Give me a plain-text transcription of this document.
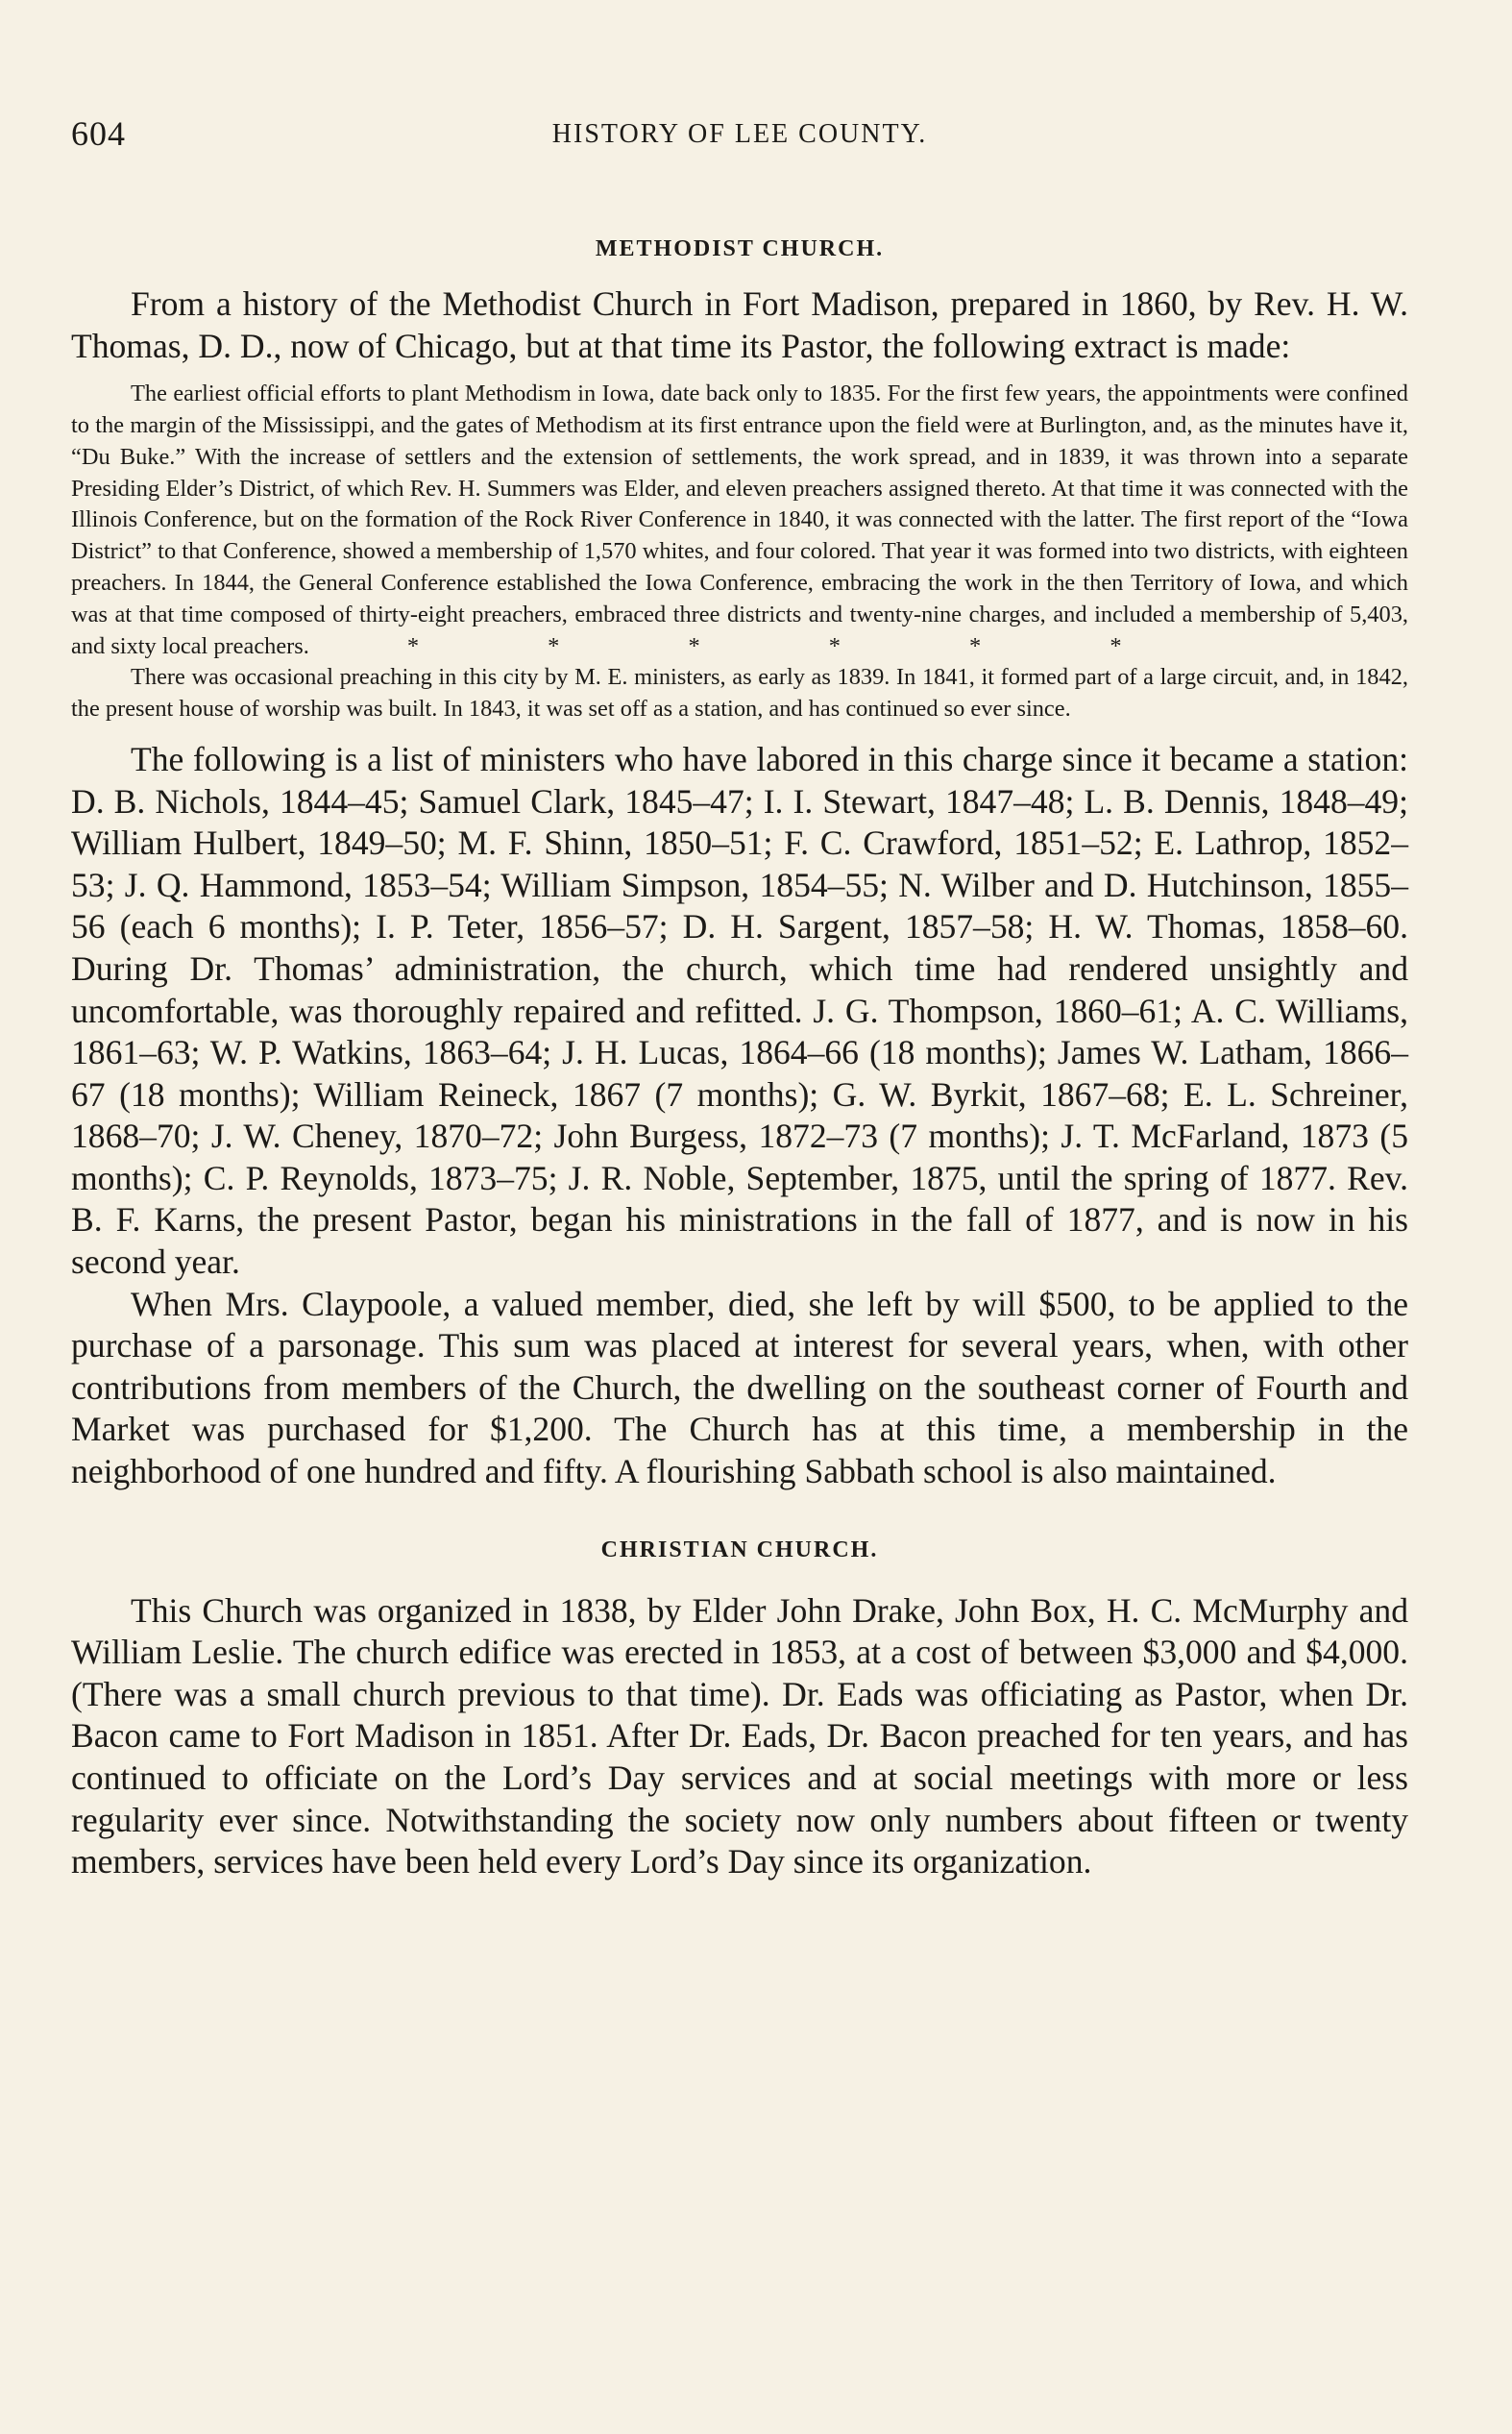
604	HISTORY OF LEE COUNTY.
METHODIST CHURCH.

From a history of the Methodist Church in Fort Madison, prepared in 1860, by Rev. H. W. Thomas, D. D., now of Chicago, but at that time its Pastor, the following extract is made:

The earliest official efforts to plant Methodism in Iowa, date back only to 1835. For the first few years, the appointments were confined to the margin of the Mississippi, and the gates of Methodism at its first entrance upon the field were at Burlington, and, as the minutes have it, “Du Buke.” With the increase of settlers and the extension of settlements, the work spread, and in 1839, it was thrown into a separate Presiding Elder’s District, of which Rev. H. Summers was Elder, and eleven preachers assigned thereto. At that time it was connected with the Illinois Conference, but on the formation of the Rock River Conference in 1840, it was connected with the latter. The first report of the “Iowa District” to that Conference, showed a membership of 1,570 whites, and four colored. That year it was formed into two districts, with eighteen preachers. In 1844, the General Conference established the Iowa Conference, embracing the work in the then Territory of Iowa, and which was at that time composed of thirty-eight preachers, embraced three districts and twenty-nine charges, and included a membership of 5,403, and sixty local preachers.	* * * * * *

There was occasional preaching in this city by M. E. ministers, as early as 1839. In 1841, it formed part of a large circuit, and, in 1842, the present house of worship was built. In 1843, it was set off as a station, and has continued so ever since.

The following is a list of ministers who have labored in this charge since it became a station: D. B. Nichols, 1844–45; Samuel Clark, 1845–47; I. I. Stewart, 1847–48; L. B. Dennis, 1848–49; William Hulbert, 1849–50; M. F. Shinn, 1850–51; F. C. Crawford, 1851–52; E. Lathrop, 1852–53; J. Q. Hammond, 1853–54; William Simpson, 1854–55; N. Wilber and D. Hutchinson, 1855–56 (each 6 months); I. P. Teter, 1856–57; D. H. Sargent, 1857–58; H. W. Thomas, 1858–60. During Dr. Thomas’ administration, the church, which time had rendered unsightly and uncomfortable, was thoroughly repaired and refitted. J. G. Thompson, 1860–61; A. C. Williams, 1861–63; W. P. Watkins, 1863–64; J. H. Lucas, 1864–66 (18 months); James W. Latham, 1866–67 (18 months); William Reineck, 1867 (7 months); G. W. Byrkit, 1867–68; E. L. Schreiner, 1868–70; J. W. Cheney, 1870–72; John Burgess, 1872–73 (7 months); J. T. McFarland, 1873 (5 months); C. P. Reynolds, 1873–75; J. R. Noble, September, 1875, until the spring of 1877. Rev. B. F. Karns, the present Pastor, began his ministrations in the fall of 1877, and is now in his second year.

When Mrs. Claypoole, a valued member, died, she left by will $500, to be applied to the purchase of a parsonage. This sum was placed at interest for several years, when, with other contributions from members of the Church, the dwelling on the southeast corner of Fourth and Market was purchased for $1,200. The Church has at this time, a membership in the neighborhood of one hundred and fifty. A flourishing Sabbath school is also maintained.

CHRISTIAN CHURCH.

This Church was organized in 1838, by Elder John Drake, John Box, H. C. McMurphy and William Leslie. The church edifice was erected in 1853, at a cost of between $3,000 and $4,000. (There was a small church previous to that time). Dr. Eads was officiating as Pastor, when Dr. Bacon came to Fort Madison in 1851. After Dr. Eads, Dr. Bacon preached for ten years, and has continued to officiate on the Lord’s Day services and at social meetings with more or less regularity ever since. Notwithstanding the society now only numbers about fifteen or twenty members, services have been held every Lord’s Day since its organization.
